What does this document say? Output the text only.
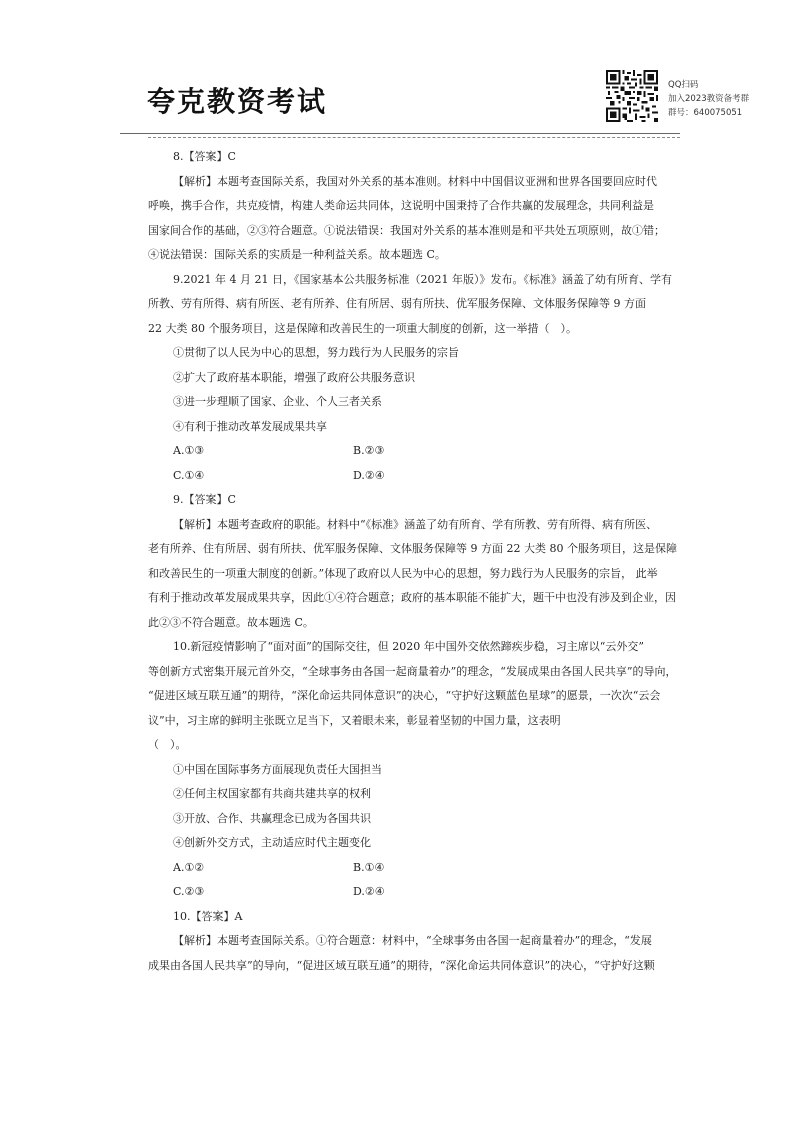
夸克教资考试	QQ扫码
加入2023教资备考群
群号：640075051

8.【答案】C

【解析】本题考查国际关系，我国对外关系的基本准则。材料中中国倡议亚洲和世界各国要回应时代

呼唤，携手合作，共克疫情，构建人类命运共同体，这说明中国秉持了合作共赢的发展理念，共同利益是

国家间合作的基础，②③符合题意。①说法错误：我国对外关系的基本准则是和平共处五项原则，故①错；

④说法错误：国际关系的实质是一种利益关系。故本题选 C。

9.2021 年 4 月 21 日，《国家基本公共服务标准（2021 年版）》发布。《标准》涵盖了幼有所育、学有

所教、劳有所得、病有所医、老有所养、住有所居、弱有所扶、优军服务保障、文体服务保障等 9 方面

22 大类 80 个服务项目，这是保障和改善民生的一项重大制度的创新，这一举措（　）。

①贯彻了以人民为中心的思想，努力践行为人民服务的宗旨

②扩大了政府基本职能，增强了政府公共服务意识

③进一步理顺了国家、企业、个人三者关系

④有利于推动改革发展成果共享

A.①③	B.②③

C.①④	D.②④

9.【答案】C

【解析】本题考查政府的职能。材料中“《标准》涵盖了幼有所育、学有所教、劳有所得、病有所医、

老有所养、住有所居、弱有所扶、优军服务保障、文体服务保障等 9 方面 22 大类 80 个服务项目，这是保障

和改善民生的一项重大制度的创新。”体现了政府以人民为中心的思想，努力践行为人民服务的宗旨， 此举

有利于推动改革发展成果共享，因此①④符合题意；政府的基本职能不能扩大，题干中也没有涉及到企业，因

此②③不符合题意。故本题选 C。

10.新冠疫情影响了“面对面”的国际交往，但 2020 年中国外交依然蹄疾步稳，习主席以“云外交”

等创新方式密集开展元首外交，“全球事务由各国一起商量着办”的理念，“发展成果由各国人民共享”的导向，

“促进区域互联互通”的期待，“深化命运共同体意识”的决心，“守护好这颗蓝色星球”的愿景，一次次“云会

议”中，习主席的鲜明主张既立足当下，又着眼未来，彰显着坚韧的中国力量，这表明

（　）。

①中国在国际事务方面展现负责任大国担当

②任何主权国家都有共商共建共享的权利

③开放、合作、共赢理念已成为各国共识

④创新外交方式，主动适应时代主题变化

A.①②	B.①④

C.②③	D.②④

10.【答案】A

【解析】本题考查国际关系。①符合题意：材料中，“全球事务由各国一起商量着办”的理念，“发展

成果由各国人民共享”的导向，“促进区域互联互通”的期待，“深化命运共同体意识”的决心，“守护好这颗
